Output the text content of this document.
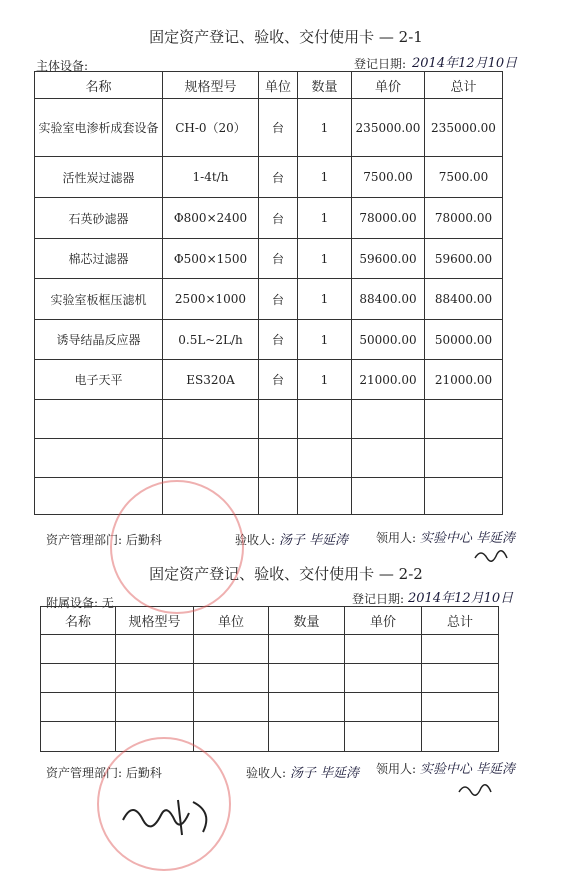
固定资产登记、验收、交付使用卡 — 2-1
主体设备:	登记日期: 2014年12月10日
名称	规格型号	单位	数量	单价	总计
实验室电渗析成套设备	CH-0（20）	台	1	235000.00	235000.00
活性炭过滤器	1-4t/h	台	1	7500.00	7500.00
石英砂滤器	Φ800×2400	台	1	78000.00	78000.00
棉芯过滤器	Φ500×1500	台	1	59600.00	59600.00
实验室板框压滤机	2500×1000	台	1	88400.00	88400.00
诱导结晶反应器	0.5L~2L/h	台	1	50000.00	50000.00
电子天平	ES320A	台	1	21000.00	21000.00

资产管理部门: 后勤科	验收人: 汤子 毕延涛 领用人: 实验中心 毕延涛
固定资产登记、验收、交付使用卡 — 2-2
附属设备: 无	登记日期: 2014年12月10日
名称	规格型号	单位	数量	单价	总计

资产管理部门: 后勤科	验收人: 汤子 毕延涛 领用人: 实验中心 毕延涛
